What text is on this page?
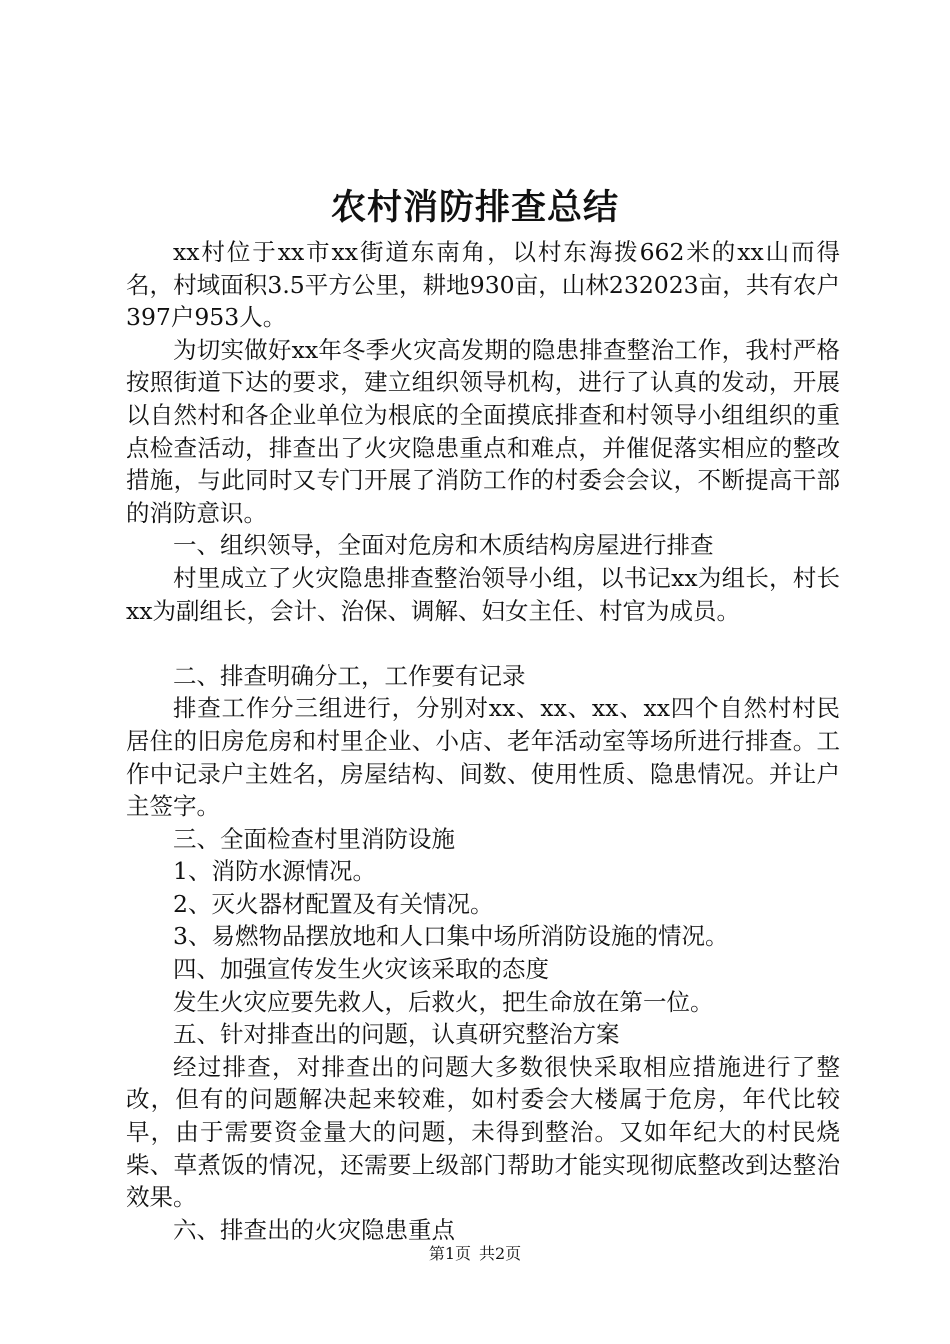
农村消防排查总结

xx村位于xx市xx街道东南角，以村东海拨662米的xx山而得名，村域面积3.5平方公里，耕地930亩，山林232023亩，共有农户397户953人。

为切实做好xx年冬季火灾高发期的隐患排查整治工作，我村严格按照街道下达的要求，建立组织领导机构，进行了认真的发动，开展以自然村和各企业单位为根底的全面摸底排查和村领导小组组织的重点检查活动，排查出了火灾隐患重点和难点，并催促落实相应的整改措施，与此同时又专门开展了消防工作的村委会会议，不断提高干部的消防意识。

一、组织领导，全面对危房和木质结构房屋进行排查

村里成立了火灾隐患排查整治领导小组，以书记xx为组长，村长xx为副组长，会计、治保、调解、妇女主任、村官为成员。

二、排查明确分工，工作要有记录

排查工作分三组进行，分别对xx、xx、xx、xx四个自然村村民居住的旧房危房和村里企业、小店、老年活动室等场所进行排查。工作中记录户主姓名，房屋结构、间数、使用性质、隐患情况。并让户主签字。

三、全面检查村里消防设施

1、消防水源情况。

2、灭火器材配置及有关情况。

3、易燃物品摆放地和人口集中场所消防设施的情况。

四、加强宣传发生火灾该采取的态度

发生火灾应要先救人，后救火，把生命放在第一位。

五、针对排查出的问题，认真研究整治方案

经过排查，对排查出的问题大多数很快采取相应措施进行了整改，但有的问题解决起来较难，如村委会大楼属于危房，年代比较早，由于需要资金量大的问题，未得到整治。又如年纪大的村民烧柴、草煮饭的情况，还需要上级部门帮助才能实现彻底整改到达整治效果。

六、排查出的火灾隐患重点

第1页 共2页
